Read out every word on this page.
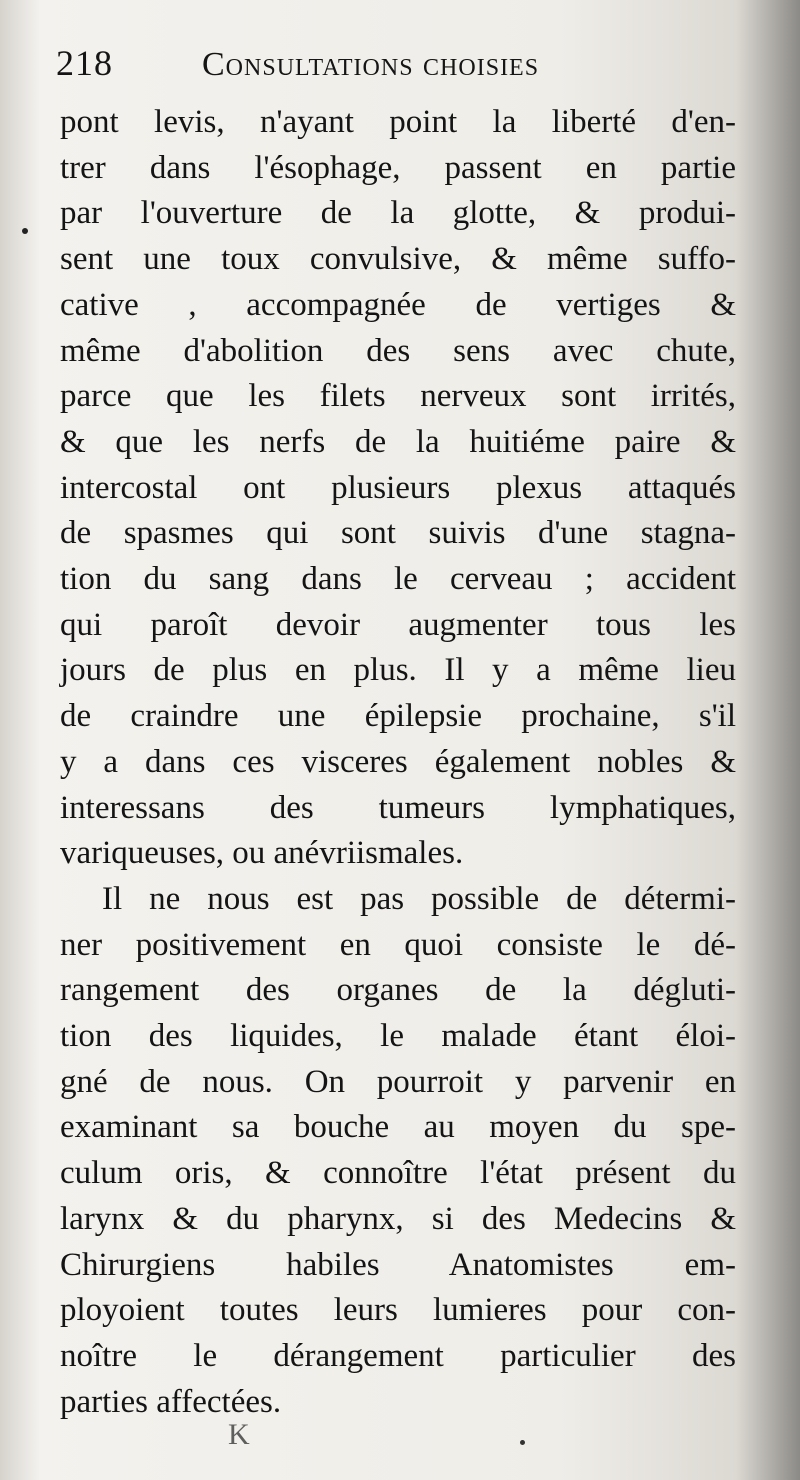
218	Consultations choisies
pont levis, n'ayant point la liberté d'en-
trer dans l'ésophage, passent en partie
par l'ouverture de la glotte, & produi-
sent une toux convulsive, & même suffo-
cative , accompagnée de vertiges &
même d'abolition des sens avec chute,
parce que les filets nerveux sont irrités,
& que les nerfs de la huitiéme paire &
intercostal ont plusieurs plexus attaqués
de spasmes qui sont suivis d'une stagna-
tion du sang dans le cerveau ; accident
qui paroît devoir augmenter tous les
jours de plus en plus. Il y a même lieu
de craindre une épilepsie prochaine, s'il
y a dans ces visceres également nobles &
interessans des tumeurs lymphatiques,
variqueuses, ou anévriismales.
Il ne nous est pas possible de détermi-
ner positivement en quoi consiste le dé-
rangement des organes de la dégluti-
tion des liquides, le malade étant éloi-
gné de nous. On pourroit y parvenir en
examinant sa bouche au moyen du spe-
culum oris, & connoître l'état présent du
larynx & du pharynx, si des Medecins &
Chirurgiens habiles Anatomistes em-
ployoient toutes leurs lumieres pour con-
noître le dérangement particulier des
parties affectées.
K
